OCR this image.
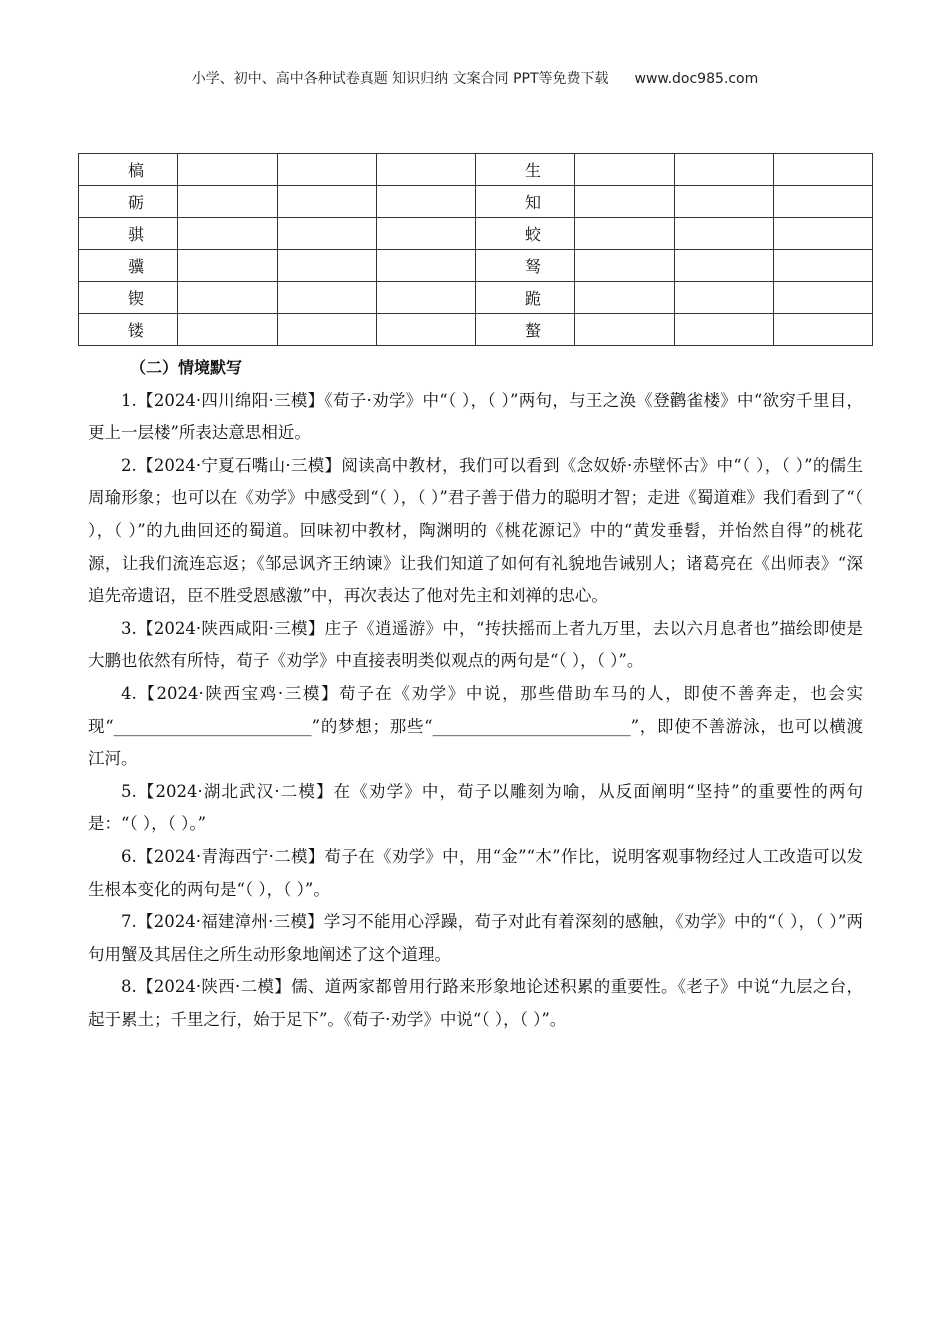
小学、初中、高中各种试卷真题 知识归纳 文案合同 PPT等免费下载 www.doc985.com
槁				生			
砺				知			
骐				蛟			
骥				驽			
锲				跪			
镂				螯			
（二）情境默写

1.【2024·四川绵阳·三模】《荀子·劝学》中“（ ），（ ）”两句，与王之涣《登鹳雀楼》中“欲穷千里目，更上一层楼”所表达意思相近。

2.【2024·宁夏石嘴山·三模】阅读高中教材，我们可以看到《念奴娇·赤壁怀古》中“（ ），（ ）”的儒生周瑜形象；也可以在《劝学》中感受到“（ ），（ ）”君子善于借力的聪明才智；走进《蜀道难》我们看到了“（ ），（ ）”的九曲回还的蜀道。回味初中教材，陶渊明的《桃花源记》中的“黄发垂髫，并怡然自得”的桃花源，让我们流连忘返；《邹忌讽齐王纳谏》让我们知道了如何有礼貌地告诫别人；诸葛亮在《出师表》“深追先帝遗诏，臣不胜受恩感激”中，再次表达了他对先主和刘禅的忠心。

3.【2024·陕西咸阳·三模】庄子《逍遥游》中，“抟扶摇而上者九万里，去以六月息者也”描绘即使是大鹏也依然有所恃，荀子《劝学》中直接表明类似观点的两句是“（ ），（ ）”。

4.【2024·陕西宝鸡·三模】荀子在《劝学》中说，那些借助车马的人，即使不善奔走，也会实现“________________________”的梦想；那些“________________________”，即使不善游泳，也可以横渡江河。

5.【2024·湖北武汉·二模】在《劝学》中，荀子以雕刻为喻，从反面阐明“坚持”的重要性的两句是：“（ ），（ ）。”

6.【2024·青海西宁·二模】荀子在《劝学》中，用“金”“木”作比，说明客观事物经过人工改造可以发生根本变化的两句是“（ ），（ ）”。

7.【2024·福建漳州·三模】学习不能用心浮躁，荀子对此有着深刻的感触，《劝学》中的“（ ），（ ）”两句用蟹及其居住之所生动形象地阐述了这个道理。

8.【2024·陕西·二模】儒、道两家都曾用行路来形象地论述积累的重要性。《老子》中说“九层之台，起于累土；千里之行，始于足下”。《荀子·劝学》中说“（ ），（ ）”。
